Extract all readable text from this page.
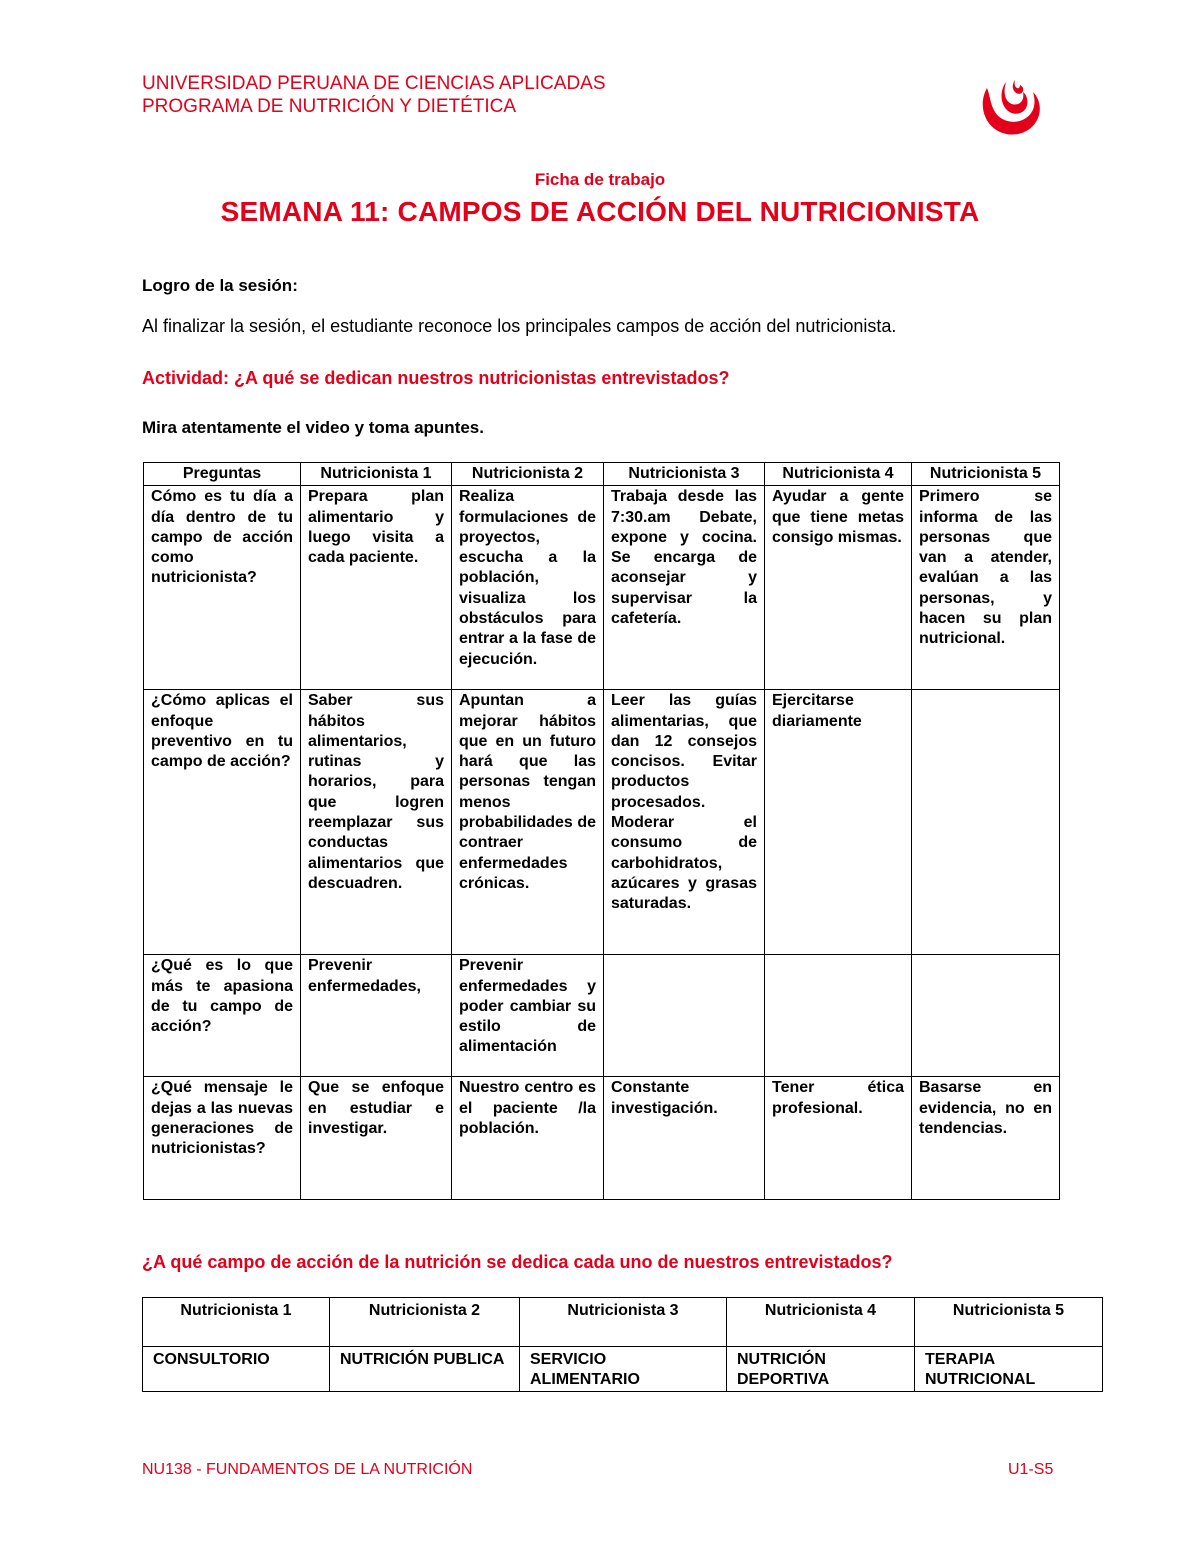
UNIVERSIDAD PERUANA DE CIENCIAS APLICADAS
PROGRAMA DE NUTRICIÓN Y DIETÉTICA
Ficha de trabajo
SEMANA 11: CAMPOS DE ACCIÓN DEL NUTRICIONISTA
Logro de la sesión:
Al finalizar la sesión, el estudiante reconoce los principales campos de acción del nutricionista.
Actividad: ¿A qué se dedican nuestros nutricionistas entrevistados?
Mira atentamente el video y toma apuntes.
Preguntas	Nutricionista 1	Nutricionista 2	Nutricionista 3	Nutricionista 4	Nutricionista 5
Cómo es tu día a día dentro de tu campo de acción como nutricionista?	Prepara plan alimentario y luego visita a cada paciente.	Realiza formulaciones de proyectos, escucha a la población, visualiza los obstáculos para entrar a la fase de ejecución.	Trabaja desde las 7:30.am Debate, expone y cocina. Se encarga de aconsejar y supervisar la cafetería.	Ayudar a gente que tiene metas consigo mismas.	Primero se informa de las personas que van a atender, evalúan a las personas, y hacen su plan nutricional.
¿Cómo aplicas el enfoque preventivo en tu campo de acción?	Saber sus hábitos alimentarios, rutinas y horarios, para que logren reemplazar sus conductas alimentarios que descuadren.	Apuntan a mejorar hábitos que en un futuro hará que las personas tengan menos probabilidades de contraer enfermedades crónicas.	Leer las guías alimentarias, que dan 12 consejos concisos. Evitar productos procesados. Moderar el consumo de carbohidratos, azúcares y grasas saturadas.	Ejercitarse diariamente	
¿Qué es lo que más te apasiona de tu campo de acción?	Prevenir enfermedades,	Prevenir enfermedades y poder cambiar su estilo de alimentación			
¿Qué mensaje le dejas a las nuevas generaciones de nutricionistas?	Que se enfoque en estudiar e investigar.	Nuestro centro es el paciente /la población.	Constante investigación.	Tener ética profesional.	Basarse en evidencia, no en tendencias.
¿A qué campo de acción de la nutrición se dedica cada uno de nuestros entrevistados?
Nutricionista 1	Nutricionista 2	Nutricionista 3	Nutricionista 4	Nutricionista 5
CONSULTORIO	NUTRICIÓN PUBLICA	SERVICIO ALIMENTARIO	NUTRICIÓN DEPORTIVA	TERAPIA NUTRICIONAL
NU138 - FUNDAMENTOS DE LA NUTRICIÓN	U1-S5
